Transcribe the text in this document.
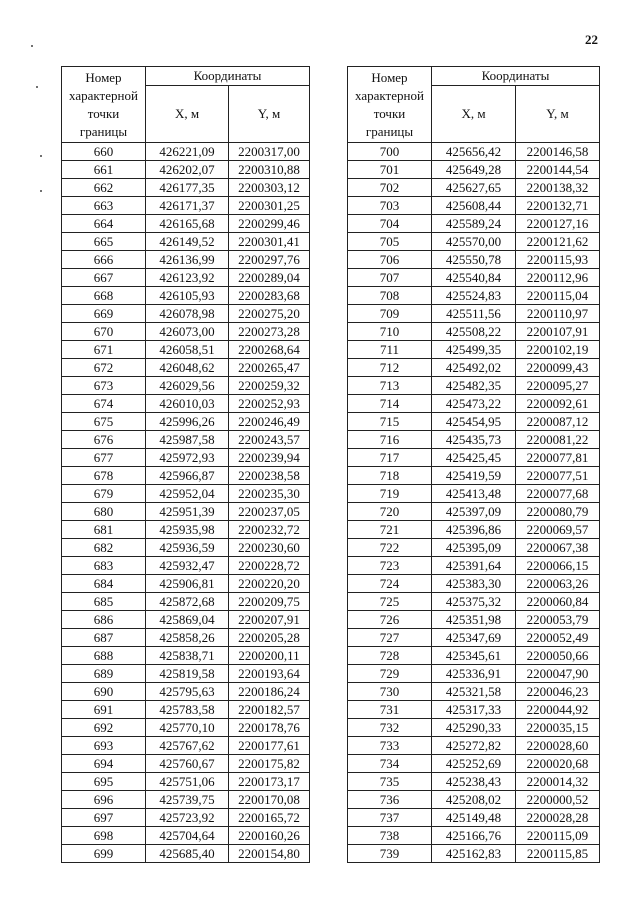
22
Номер
характерной
точки
границы	Координаты	
	X, м	Y, м
660	426221,09	2200317,00
661	426202,07	2200310,88
662	426177,35	2200303,12
663	426171,37	2200301,25
664	426165,68	2200299,46
665	426149,52	2200301,41
666	426136,99	2200297,76
667	426123,92	2200289,04
668	426105,93	2200283,68
669	426078,98	2200275,20
670	426073,00	2200273,28
671	426058,51	2200268,64
672	426048,62	2200265,47
673	426029,56	2200259,32
674	426010,03	2200252,93
675	425996,26	2200246,49
676	425987,58	2200243,57
677	425972,93	2200239,94
678	425966,87	2200238,58
679	425952,04	2200235,30
680	425951,39	2200237,05
681	425935,98	2200232,72
682	425936,59	2200230,60
683	425932,47	2200228,72
684	425906,81	2200220,20
685	425872,68	2200209,75
686	425869,04	2200207,91
687	425858,26	2200205,28
688	425838,71	2200200,11
689	425819,58	2200193,64
690	425795,63	2200186,24
691	425783,58	2200182,57
692	425770,10	2200178,76
693	425767,62	2200177,61
694	425760,67	2200175,82
695	425751,06	2200173,17
696	425739,75	2200170,08
697	425723,92	2200165,72
698	425704,64	2200160,26
699	425685,40	2200154,80
Номер
характерной
точки
границы	Координаты	
	X, м	Y, м
700	425656,42	2200146,58
701	425649,28	2200144,54
702	425627,65	2200138,32
703	425608,44	2200132,71
704	425589,24	2200127,16
705	425570,00	2200121,62
706	425550,78	2200115,93
707	425540,84	2200112,96
708	425524,83	2200115,04
709	425511,56	2200110,97
710	425508,22	2200107,91
711	425499,35	2200102,19
712	425492,02	2200099,43
713	425482,35	2200095,27
714	425473,22	2200092,61
715	425454,95	2200087,12
716	425435,73	2200081,22
717	425425,45	2200077,81
718	425419,59	2200077,51
719	425413,48	2200077,68
720	425397,09	2200080,79
721	425396,86	2200069,57
722	425395,09	2200067,38
723	425391,64	2200066,15
724	425383,30	2200063,26
725	425375,32	2200060,84
726	425351,98	2200053,79
727	425347,69	2200052,49
728	425345,61	2200050,66
729	425336,91	2200047,90
730	425321,58	2200046,23
731	425317,33	2200044,92
732	425290,33	2200035,15
733	425272,82	2200028,60
734	425252,69	2200020,68
735	425238,43	2200014,32
736	425208,02	2200000,52
737	425149,48	2200028,28
738	425166,76	2200115,09
739	425162,83	2200115,85
